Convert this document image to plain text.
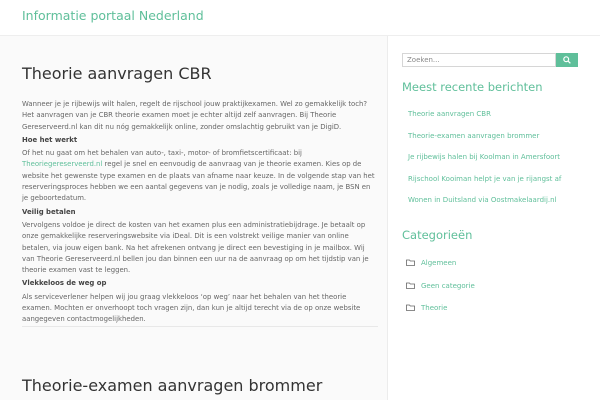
Informatie portaal Nederland
Theorie aanvragen CBR

Wanneer je je rijbewijs wilt halen, regelt de rijschool jouw praktijkexamen. Wel zo gemakkelijk toch? Het aanvragen van je CBR theorie examen moet je echter altijd zelf aanvragen. Bij Theorie Gereserveerd.nl kan dit nu nóg gemakkelijk online, zonder omslachtig gebruikt van je DigiD.

Hoe het werkt

Of het nu gaat om het behalen van auto-, taxi-, motor- of bromfietscertificaat: bij Theoriegereserveerd.nl regel je snel en eenvoudig de aanvraag van je theorie examen. Kies op de website het gewenste type examen en de plaats van afname naar keuze. In de volgende stap van het reserveringsproces hebben we een aantal gegevens van je nodig, zoals je volledige naam, je BSN en je geboortedatum.

Veilig betalen

Vervolgens voldoe je direct de kosten van het examen plus een administratiebijdrage. Je betaalt op onze gemakkelijke reserveringswebsite via iDeal. Dit is een volstrekt veilige manier van online betalen, via jouw eigen bank. Na het afrekenen ontvang je direct een bevestiging in je mailbox. Wij van Theorie Gereserveerd.nl bellen jou dan binnen een uur na de aanvraag op om het tijdstip van je theorie examen vast te leggen.

Vlekkeloos de weg op

Als serviceverlener helpen wij jou graag vlekkeloos ‘op weg’ naar het behalen van het theorie examen. Mochten er onverhoopt toch vragen zijn, dan kun je altijd terecht via de op onze website aangegeven contactmogelijkheden.

Theorie-examen aanvragen brommer
Zoeken...
Meest recente berichten
Theorie aanvragen CBR
Theorie-examen aanvragen brommer
Je rijbewijs halen bij Koolman in Amersfoort
Rijschool Kooiman helpt je van je rijangst af
Wonen in Duitsland via Oostmakelaardij.nl
Categorieën
Algemeen
Geen categorie
Theorie
